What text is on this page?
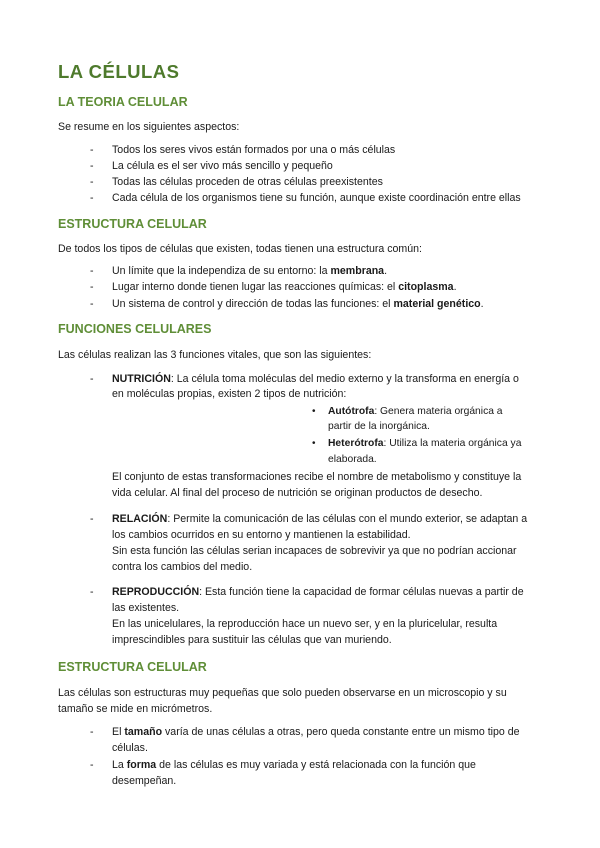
LA CÉLULAS
LA TEORIA CELULAR
Se resume en los siguientes aspectos:
- Todos los seres vivos están formados por una o más células
- La célula es el ser vivo más sencillo y pequeño
- Todas las células proceden de otras células preexistentes
- Cada célula de los organismos tiene su función, aunque existe coordinación entre ellas
ESTRUCTURA CELULAR
De todos los tipos de células que existen, todas tienen una estructura común:
- Un límite que la independiza de su entorno: la membrana.
- Lugar interno donde tienen lugar las reacciones químicas: el citoplasma.
- Un sistema de control y dirección de todas las funciones: el material genético.
FUNCIONES CELULARES
Las células realizan las 3 funciones vitales, que son las siguientes:
- NUTRICIÓN: La célula toma moléculas del medio externo y la transforma en energía o
en moléculas propias, existen 2 tipos de nutrición:
• Autótrofa: Genera materia orgánica a
partir de la inorgánica.
• Heterótrofa: Utiliza la materia orgánica ya
elaborada.
El conjunto de estas transformaciones recibe el nombre de metabolismo y constituye la
vida celular. Al final del proceso de nutrición se originan productos de desecho.
- RELACIÓN: Permite la comunicación de las células con el mundo exterior, se adaptan a
los cambios ocurridos en su entorno y mantienen la estabilidad.
Sin esta función las células serian incapaces de sobrevivir ya que no podrían accionar
contra los cambios del medio.
- REPRODUCCIÓN: Esta función tiene la capacidad de formar células nuevas a partir de
las existentes.
En las unicelulares, la reproducción hace un nuevo ser, y en la pluricelular, resulta
imprescindibles para sustituir las células que van muriendo.
ESTRUCTURA CELULAR
Las células son estructuras muy pequeñas que solo pueden observarse en un microscopio y su
tamaño se mide en micrómetros.
- El tamaño varía de unas células a otras, pero queda constante entre un mismo tipo de
células.
- La forma de las células es muy variada y está relacionada con la función que
desempeñan.
